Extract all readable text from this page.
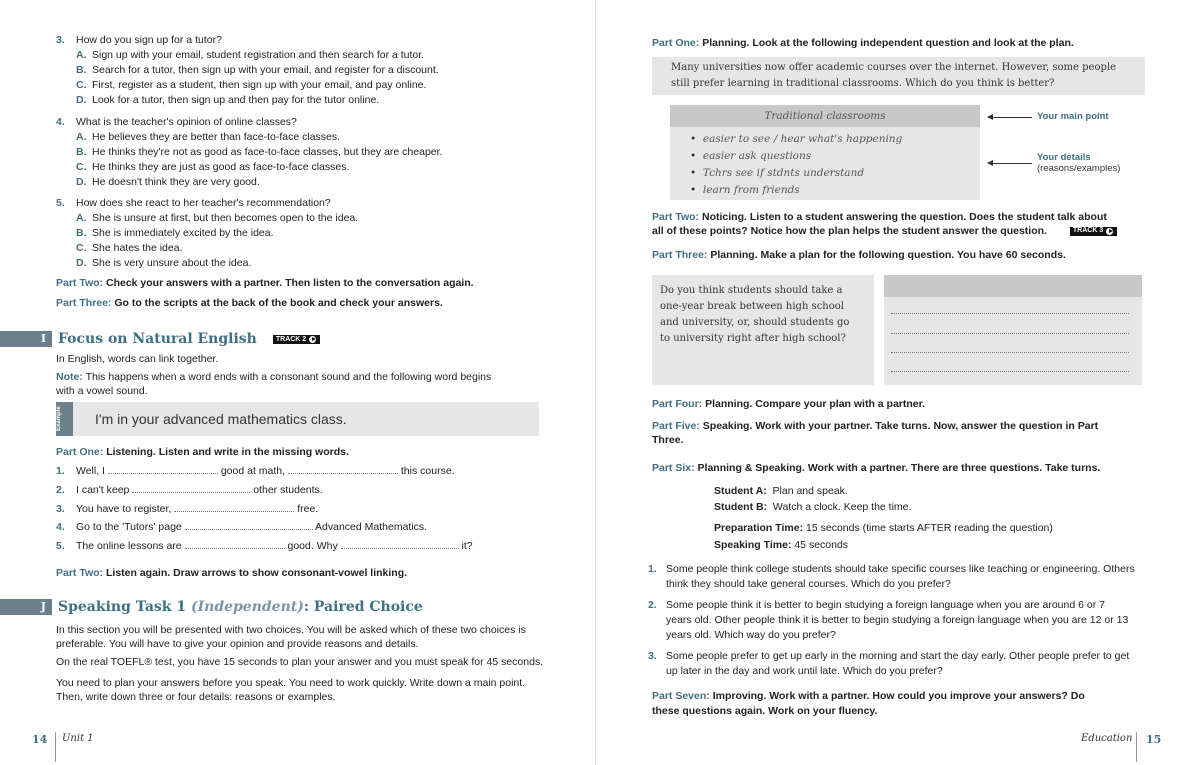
3. How do you sign up for a tutor?
A. Sign up with your email, student registration and then search for a tutor.
B. Search for a tutor, then sign up with your email, and register for a discount.
C. First, register as a student, then sign up with your email, and pay online.
D. Look for a tutor, then sign up and then pay for the tutor online.
4. What is the teacher's opinion of online classes?
A. He believes they are better than face-to-face classes.
B. He thinks they're not as good as face-to-face classes, but they are cheaper.
C. He thinks they are just as good as face-to-face classes.
D. He doesn't think they are very good.
5. How does she react to her teacher's recommendation?
A. She is unsure at first, but then becomes open to the idea.
B. She is immediately excited by the idea.
C. She hates the idea.
D. She is very unsure about the idea.
Part Two: Check your answers with a partner. Then listen to the conversation again.
Part Three: Go to the scripts at the back of the book and check your answers.
I Focus on Natural English	TRACK 2
In English, words can link together.
Note: This happens when a word ends with a consonant sound and the following word begins
with a vowel sound.
Example	I'm in your advanced mathematics class.
Part One: Listening. Listen and write in the missing words.
1. Well, I	good at math,	this course.
2. I can't keep	other students.
3. You have to register,	free.
4. Go to the 'Tutors' page	Advanced Mathematics.
5. The online lessons are	good. Why	it?
Part Two: Listen again. Draw arrows to show consonant-vowel linking.
J Speaking Task 1 (Independent): Paired Choice
In this section you will be presented with two choices. You will be asked which of these two choices is
preferable. You will have to give your opinion and provide reasons and details.
On the real TOEFL® test, you have 15 seconds to plan your answer and you must speak for 45 seconds.
You need to plan your answers before you speak. You need to work quickly. Write down a main point.
Then, write down three or four details: reasons or examples.
14 Unit 1
Part One: Planning. Look at the following independent question and look at the plan.
Many universities now offer academic courses over the internet. However, some people
still prefer learning in traditional classrooms. Which do you think is better?
Traditional classrooms
•  easier to see / hear what's happening
•  easier ask questions
•  Tchrs see if stdnts understand
•  learn from friends
Your main point
Your details
(reasons/examples)
Part Two: Noticing. Listen to a student answering the question. Does the student talk about
all of these points? Notice how the plan helps the student answer the question.	TRACK 3
Part Three: Planning. Make a plan for the following question. You have 60 seconds.
Do you think students should take a
one-year break between high school
and university, or, should students go
to university right after high school?
Part Four: Planning. Compare your plan with a partner.
Part Five: Speaking. Work with your partner. Take turns. Now, answer the question in Part
Three.
Part Six: Planning & Speaking. Work with a partner. There are three questions. Take turns.
Student A: Plan and speak.
Student B: Watch a clock. Keep the time.
Preparation Time: 15 seconds (time starts AFTER reading the question)
Speaking Time: 45 seconds
1. Some people think college students should take specific courses like teaching or engineering. Others
think they should take general courses. Which do you prefer?
2. Some people think it is better to begin studying a foreign language when you are around 6 or 7
years old. Other people think it is better to begin studying a foreign language when you are 12 or 13
years old. Which way do you prefer?
3. Some people prefer to get up early in the morning and start the day early. Other people prefer to get
up later in the day and work until late. Which do you prefer?
Part Seven: Improving. Work with a partner. How could you improve your answers? Do
these questions again. Work on your fluency.
Education 15
